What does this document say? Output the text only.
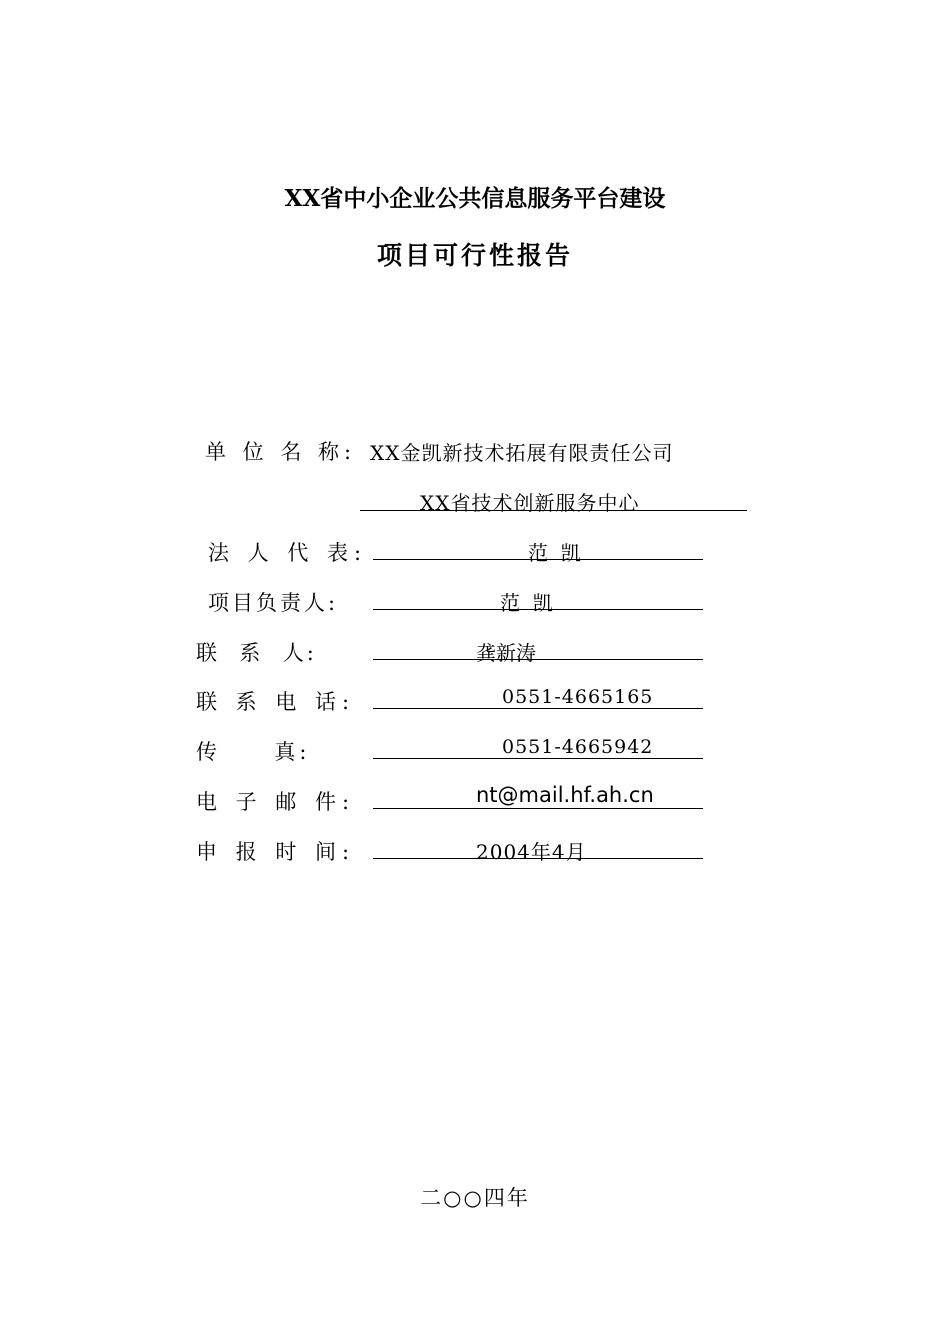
XX省中小企业公共信息服务平台建设
项目可行性报告
单 位 名 称: XX金凯新技术拓展有限责任公司
XX省技术创新服务中心
法 人 代 表:	范  凯
项目负责人:	范  凯
联  系  人:	龚新涛
联 系 电 话:	0551-4665165
传     真:	0551-4665942
电 子 邮 件:	nt@mail.hf.ah.cn
申 报 时 间:	2004年4月
二○○四年
